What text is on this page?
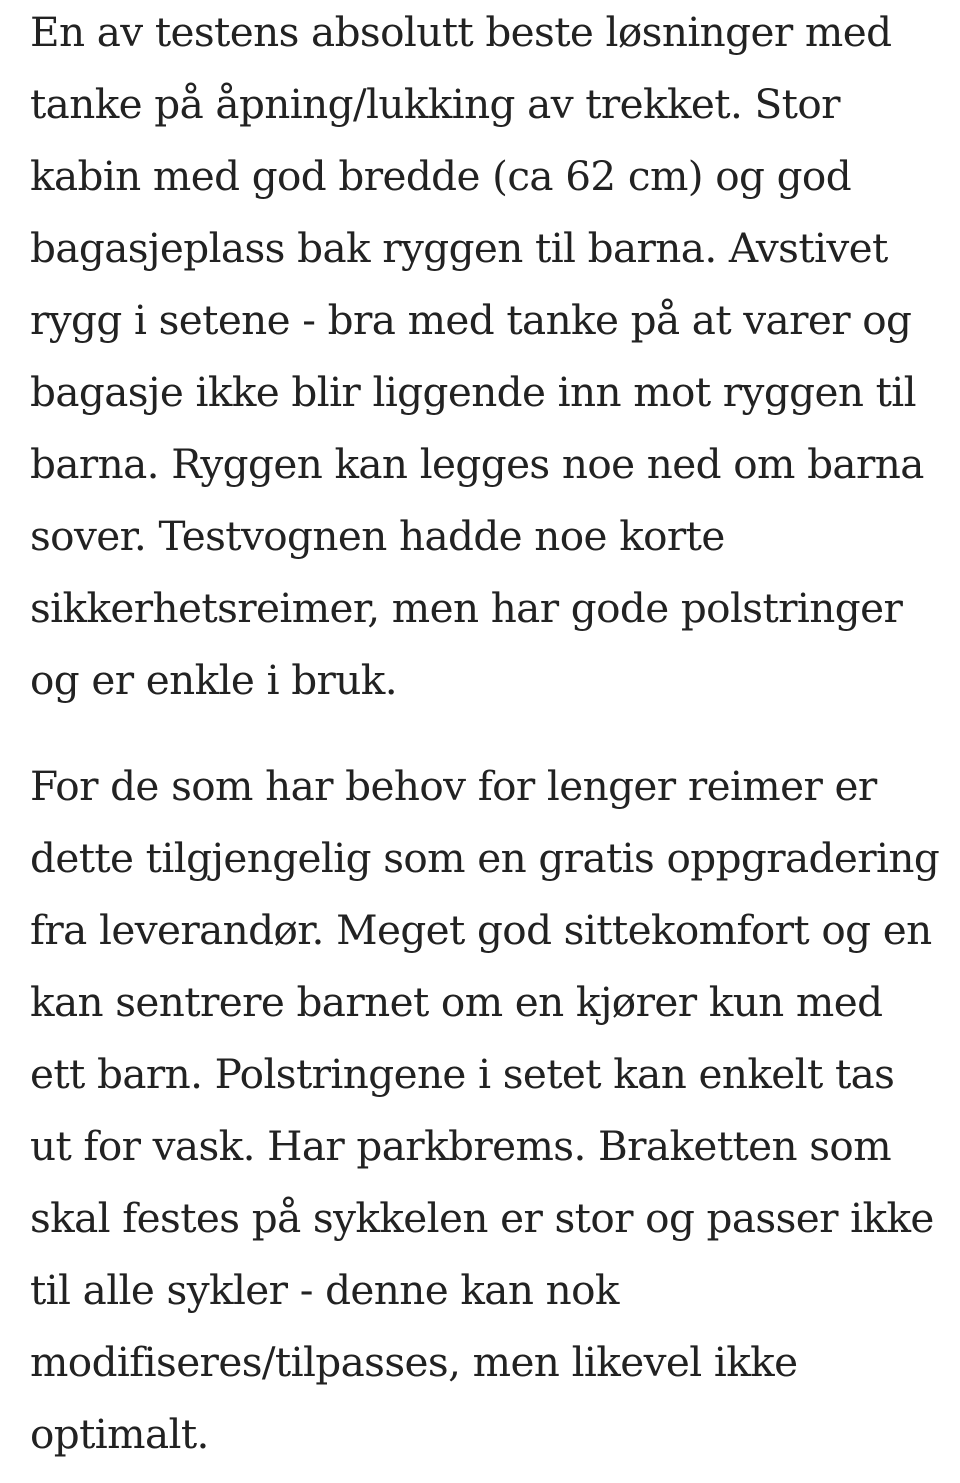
En av testens absolutt beste løsninger med tanke på åpning/lukking av trekket. Stor kabin med god bredde (ca 62 cm) og god bagasjeplass bak ryggen til barna. Avstivet rygg i setene - bra med tanke på at varer og bagasje ikke blir liggende inn mot ryggen til barna. Ryggen kan legges noe ned om barna sover. Testvognen hadde noe korte sikkerhetsreimer, men har gode polstringer og er enkle i bruk.

For de som har behov for lenger reimer er dette tilgjengelig som en gratis oppgradering fra leverandør. Meget god sittekomfort og en kan sentrere barnet om en kjører kun med ett barn. Polstringene i setet kan enkelt tas ut for vask. Har parkbrems. Braketten som skal festes på sykkelen er stor og passer ikke til alle sykler - denne kan nok modifiseres/tilpasses, men likevel ikke optimalt.
